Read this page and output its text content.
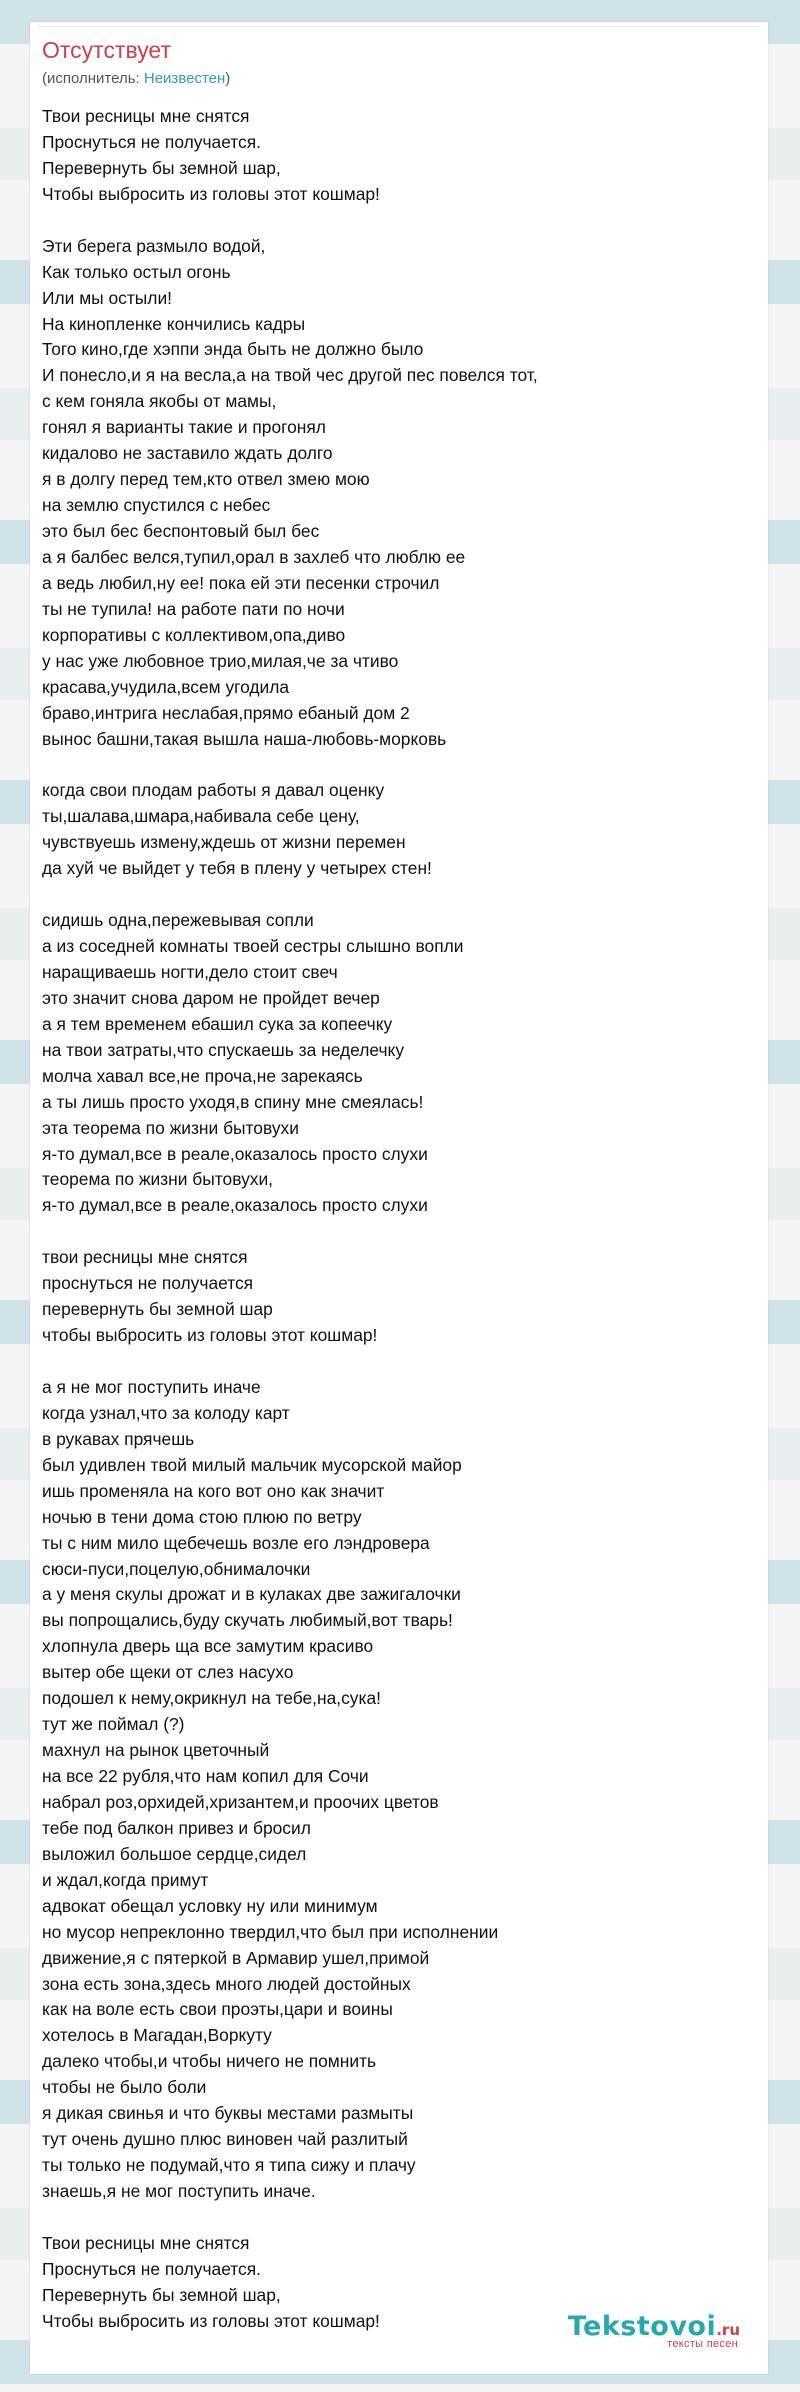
Отсутствует
(исполнитель: Неизвестен)
Твои ресницы мне снятся
Проснуться не получается.
Перевернуть бы земной шар,
Чтобы выбросить из головы этот кошмар!
Эти берега размыло водой,
Как только остыл огонь
Или мы остыли!
На кинопленке кончились кадры
Того кино,где хэппи энда быть не должно было
И понесло,и я на весла,а на твой чес другой пес повелся тот,
с кем гоняла якобы от мамы,
гонял я варианты такие и прогонял
кидалово не заставило ждать долго
я в долгу перед тем,кто отвел змею мою
на землю спустился с небес
это был бес беспонтовый был бес
а я балбес велся,тупил,орал в захлеб что люблю ее
а ведь любил,ну ее! пока ей эти песенки строчил
ты не тупила! на работе пати по ночи
корпоративы с коллективом,опа,диво
у нас уже любовное трио,милая,че за чтиво
красава,учудила,всем угодила
браво,интрига неслабая,прямо ебаный дом 2
вынос башни,такая вышла наша-любовь-морковь
когда свои плодам работы я давал оценку
ты,шалава,шмара,набивала себе цену,
чувствуешь измену,ждешь от жизни перемен
да хуй че выйдет у тебя в плену у четырех стен!
сидишь одна,пережевывая сопли
а из соседней комнаты твоей сестры слышно вопли
наращиваешь ногти,дело стоит свеч
это значит снова даром не пройдет вечер
а я тем временем ебашил сука за копеечку
на твои затраты,что спускаешь за неделечку
молча хавал все,не проча,не зарекаясь
а ты лишь просто уходя,в спину мне смеялась!
эта теорема по жизни бытовухи
я-то думал,все в реале,оказалось просто слухи
теорема по жизни бытовухи,
я-то думал,все в реале,оказалось просто слухи
твои ресницы мне снятся
проснуться не получается
перевернуть бы земной шар
чтобы выбросить из головы этот кошмар!
а я не мог поступить иначе
когда узнал,что за колоду карт
в рукавах прячешь
был удивлен твой милый мальчик мусорской майор
ишь променяла на кого вот оно как значит
ночью в тени дома стою плюю по ветру
ты с ним мило щебечешь возле его лэндровера
сюси-пуси,поцелую,обнималочки
а у меня скулы дрожат и в кулаках две зажигалочки
вы попрощались,буду скучать любимый,вот тварь!
хлопнула дверь ща все замутим красиво
вытер обе щеки от слез насухо
подошел к нему,окрикнул на тебе,на,сука!
тут же поймал (?)
махнул на рынок цветочный
на все 22 рубля,что нам копил для Сочи
набрал роз,орхидей,хризантем,и проочих цветов
тебе под балкон привез и бросил
выложил большое сердце,сидел
и ждал,когда примут
адвокат обещал условку ну или минимум
но мусор непреклонно твердил,что был при исполнении
движение,я с пятеркой в Армавир ушел,примой
зона есть зона,здесь много людей достойных
как на воле есть свои проэты,цари и воины
хотелось в Магадан,Воркуту
далеко чтобы,и чтобы ничего не помнить
чтобы не было боли
я дикая свинья и что буквы местами размыты
тут очень душно плюс виновен чай разлитый
ты только не подумай,что я типа сижу и плачу
знаешь,я не мог поступить иначе.
Твои ресницы мне снятся
Проснуться не получается.
Перевернуть бы земной шар,
Чтобы выбросить из головы этот кошмар!	Tekstovoi.ru
тексты песен
